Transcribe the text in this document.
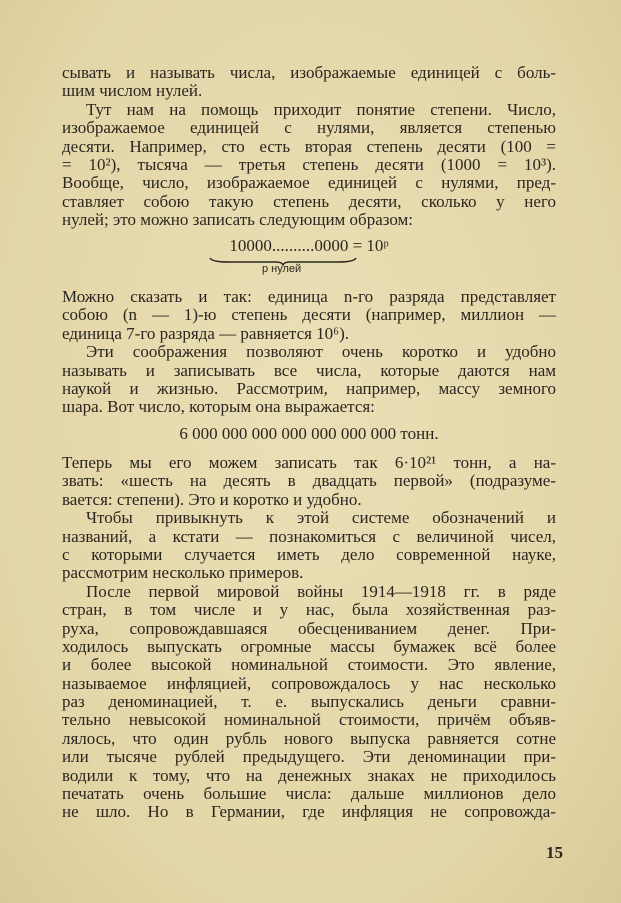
сывать и называть числа, изображаемые единицей с боль-
шим числом нулей.
Тут нам на помощь приходит понятие степени. Число,
изображаемое единицей с нулями, является степенью
десяти. Например, сто есть вторая степень десяти (100 =
= 10²), тысяча — третья степень десяти (1000 = 10³).
Вообще, число, изображаемое единицей с нулями, пред-
ставляет собою такую степень десяти, сколько у него
нулей; это можно записать следующим образом:
10000..........0000 = 10ᵖ
p нулей
Можно сказать и так: единица n-го разряда представляет
собою (n — 1)-ю степень десяти (например, миллион —
единица 7-го разряда — равняется 10⁶).
Эти соображения позволяют очень коротко и удобно
называть и записывать все числа, которые даются нам
наукой и жизнью. Рассмотрим, например, массу земного
шара. Вот число, которым она выражается:
6 000 000 000 000 000 000 000 тонн.
Теперь мы его можем записать так 6·10²¹ тонн, а на-
звать: «шесть на десять в двадцать первой» (подразуме-
вается: степени). Это и коротко и удобно.
Чтобы привыкнуть к этой системе обозначений и
названий, а кстати — познакомиться с величиной чисел,
с которыми случается иметь дело современной науке,
рассмотрим несколько примеров.
После первой мировой войны 1914—1918 гг. в ряде
стран, в том числе и у нас, была хозяйственная раз-
руха, сопровождавшаяся обесцениванием денег. При-
ходилось выпускать огромные массы бумажек всё более
и более высокой номинальной стоимости. Это явление,
называемое инфляцией, сопровождалось у нас несколько
раз деноминацией, т. е. выпускались деньги сравни-
тельно невысокой номинальной стоимости, причём объяв-
лялось, что один рубль нового выпуска равняется сотне
или тысяче рублей предыдущего. Эти деноминации при-
водили к тому, что на денежных знаках не приходилось
печатать очень большие числа: дальше миллионов дело
не шло. Но в Германии, где инфляция не сопровожда-
15
